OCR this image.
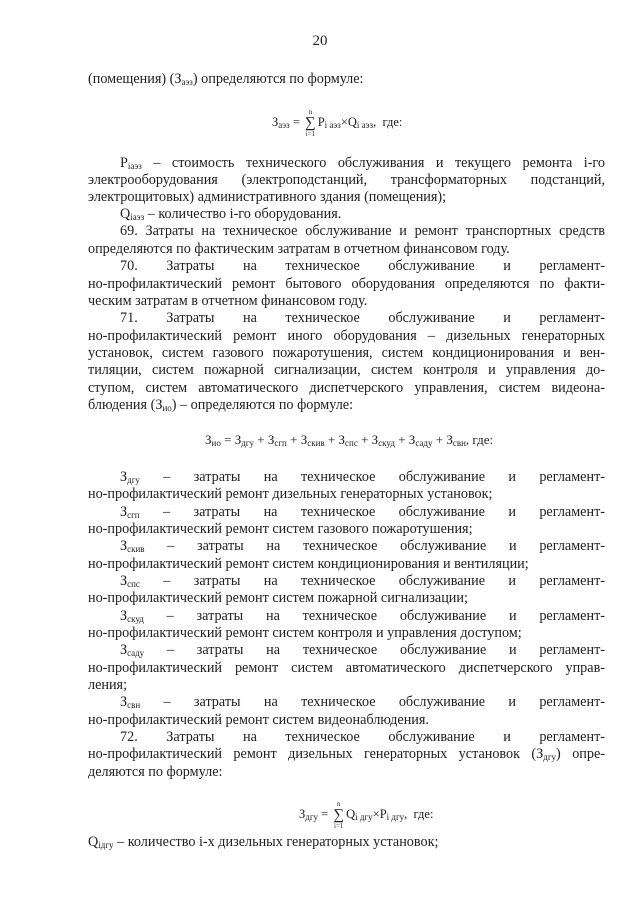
20
(помещения) $(З_{аэз})$ определяются по формуле:
$З_{аэз}$ =
n
∑
i=1
$P_{i аэз}\times Q_{i аэз}$,  где:
$P_{iаэз}$ – стоимость технического обслуживания и текущего ремонта i-го
электрооборудования (электроподстанций, трансформаторных подстанций,
электрощитовых) административного здания (помещения);
$Q_{iаэз}$ – количество i-го оборудования.
69. Затраты на техническое обслуживание и ремонт транспортных средств
определяются по фактическим затратам в отчетном финансовом году.
70. Затраты на техническое обслуживание и регламент-
но-профилактический ремонт бытового оборудования определяются по факти-
ческим затратам в отчетном финансовом году.
71. Затраты на техническое обслуживание и регламент-
но-профилактический ремонт иного оборудования – дизельных генераторных
установок, систем газового пожаротушения, систем кондиционирования и вен-
тиляции, систем пожарной сигнализации, систем контроля и управления до-
ступом, систем автоматического диспетчерского управления, систем видеона-
блюдения $(З_{ио})$ – определяются по формуле:
$З_{ио} = З_{дгу} + З_{сгп} + З_{скив} + З_{спс} + З_{скуд} + З_{саду} + З_{свн}$, где:
$З_{дгу}$   –   затраты   на   техническое   обслуживание   и   регламент-
но-профилактический ремонт дизельных генераторных установок;
$З_{сгп}$   –   затраты   на   техническое   обслуживание   и   регламент-
но-профилактический ремонт систем газового пожаротушения;
$З_{скив}$   –   затраты   на   техническое   обслуживание   и   регламент-
но-профилактический ремонт систем кондиционирования и вентиляции;
$З_{спс}$   –   затраты   на   техническое   обслуживание   и   регламент-
но-профилактический ремонт систем пожарной сигнализации;
$З_{скуд}$   –   затраты   на   техническое   обслуживание   и   регламент-
но-профилактический ремонт систем контроля и управления доступом;
$З_{сaду}$   –   затраты   на   техническое   обслуживание   и   регламент-
но-профилактический ремонт систем автоматического диспетчерского управ-
ления;
$З_{свн}$   –   затраты   на   техническое   обслуживание   и   регламент-
но-профилактический ремонт систем видеонаблюдения.
72. Затраты на техническое обслуживание и регламент-
но-профилактический ремонт дизельных генераторных установок $(З_{дгу})$ опре-
деляются по формуле:
$З_{дгу}$ =
n
∑
i=1
$Q_{i дгу}\times P_{i дгу}$,  где:
$Q_{iдгу}$ – количество i-х дизельных генераторных установок;
